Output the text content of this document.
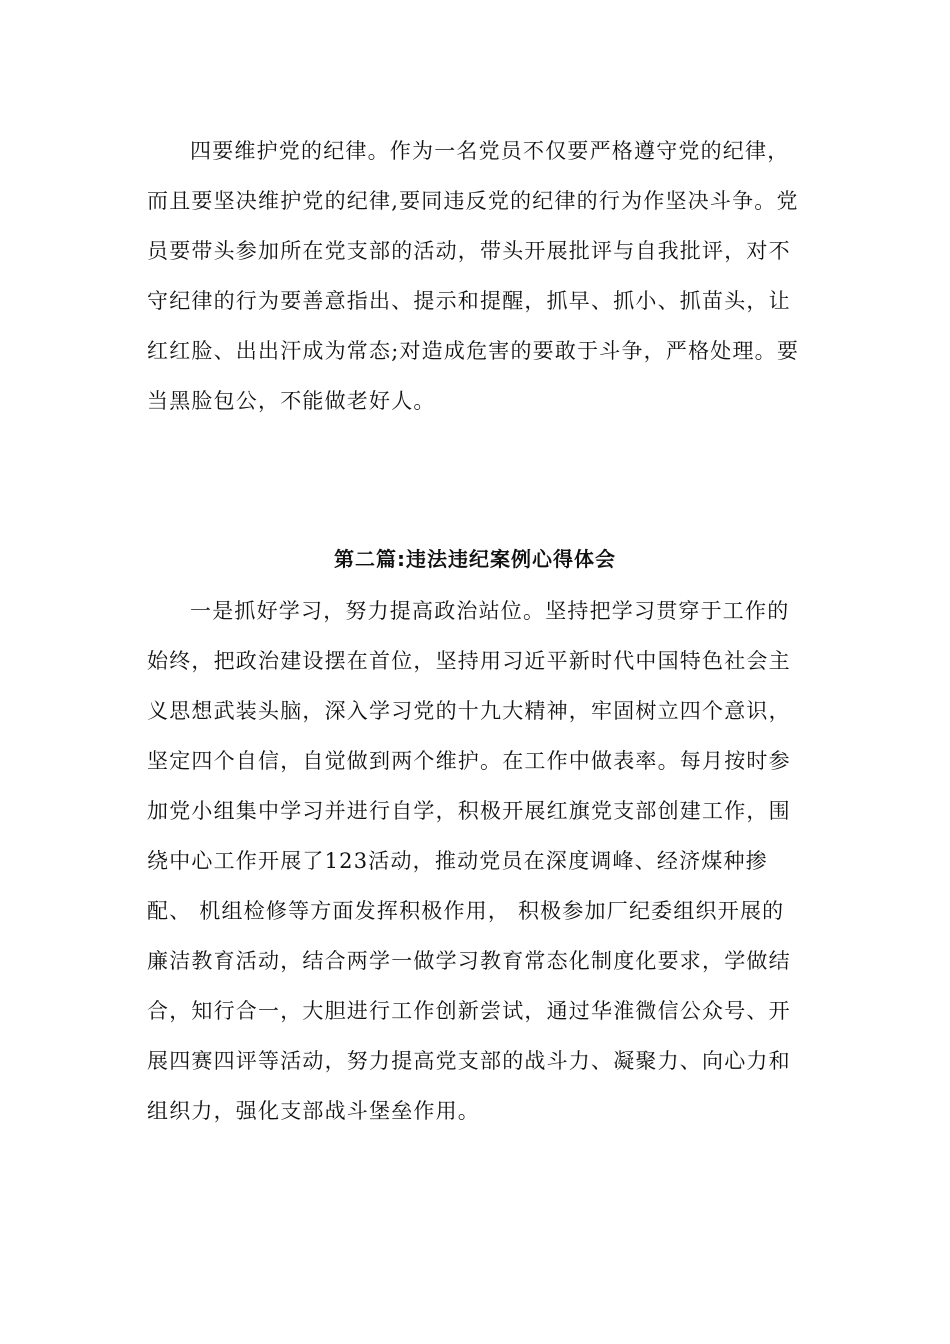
四要维护党的纪律。作为一名党员不仅要严格遵守党的纪律，
而且要坚决维护党的纪律,要同违反党的纪律的行为作坚决斗争。党
员要带头参加所在党支部的活动，带头开展批评与自我批评，对不
守纪律的行为要善意指出、提示和提醒，抓早、抓小、抓苗头，让
红红脸、出出汗成为常态;对造成危害的要敢于斗争，严格处理。要
当黑脸包公，不能做老好人。
第二篇:违法违纪案例心得体会
一是抓好学习，努力提高政治站位。坚持把学习贯穿于工作的
始终，把政治建设摆在首位，坚持用习近平新时代中国特色社会主
义思想武装头脑，深入学习党的十九大精神，牢固树立四个意识，
坚定四个自信，自觉做到两个维护。在工作中做表率。每月按时参
加党小组集中学习并进行自学，积极开展红旗党支部创建工作，围
绕中心工作开展了123活动，推动党员在深度调峰、经济煤种掺
配、 机组检修等方面发挥积极作用， 积极参加厂纪委组织开展的
廉洁教育活动，结合两学一做学习教育常态化制度化要求，学做结
合，知行合一，大胆进行工作创新尝试，通过华淮微信公众号、开
展四赛四评等活动，努力提高党支部的战斗力、凝聚力、向心力和
组织力，强化支部战斗堡垒作用。
